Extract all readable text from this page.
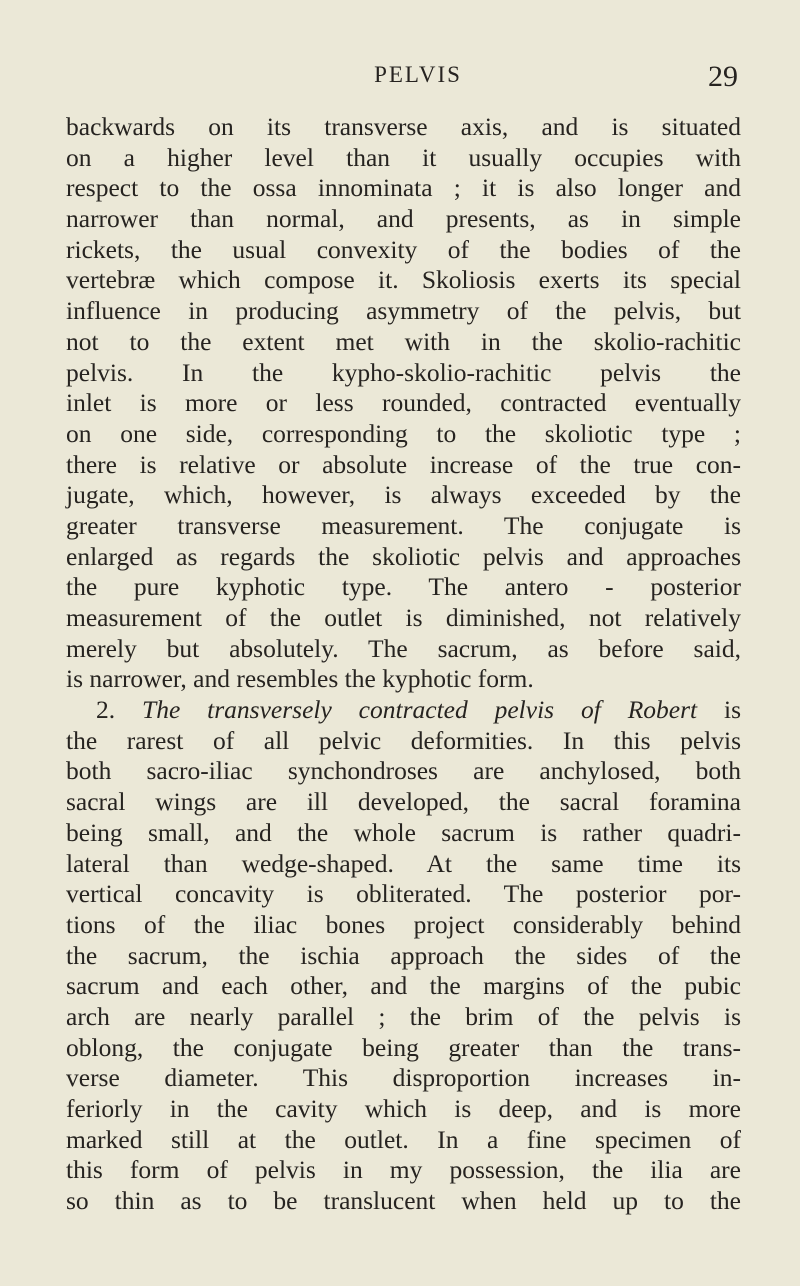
PELVIS	29
backwards on its transverse axis, and is situated
on a higher level than it usually occupies with
respect to the ossa innominata ; it is also longer and
narrower than normal, and presents, as in simple
rickets, the usual convexity of the bodies of the
vertebræ which compose it. Skoliosis exerts its special
influence in producing asymmetry of the pelvis, but
not to the extent met with in the skolio-rachitic
pelvis. In the kypho-skolio-rachitic pelvis the
inlet is more or less rounded, contracted eventually
on one side, corresponding to the skoliotic type ;
there is relative or absolute increase of the true con-
jugate, which, however, is always exceeded by the
greater transverse measurement. The conjugate is
enlarged as regards the skoliotic pelvis and approaches
the pure kyphotic type. The antero - posterior
measurement of the outlet is diminished, not relatively
merely but absolutely. The sacrum, as before said,
is narrower, and resembles the kyphotic form.
2. The transversely contracted pelvis of Robert is
the rarest of all pelvic deformities. In this pelvis
both sacro-iliac synchondroses are anchylosed, both
sacral wings are ill developed, the sacral foramina
being small, and the whole sacrum is rather quadri-
lateral than wedge-shaped. At the same time its
vertical concavity is obliterated. The posterior por-
tions of the iliac bones project considerably behind
the sacrum, the ischia approach the sides of the
sacrum and each other, and the margins of the pubic
arch are nearly parallel ; the brim of the pelvis is
oblong, the conjugate being greater than the trans-
verse diameter. This disproportion increases in-
feriorly in the cavity which is deep, and is more
marked still at the outlet. In a fine specimen of
this form of pelvis in my possession, the ilia are
so thin as to be translucent when held up to the
